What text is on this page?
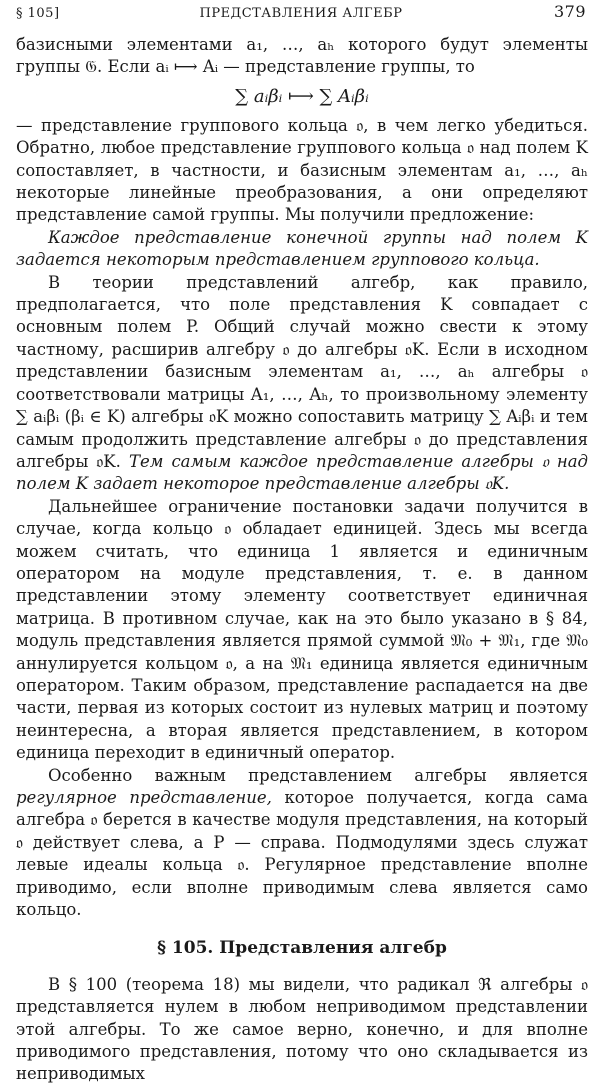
§ 105]	ПРЕДСТАВЛЕНИЯ АЛГЕБР	379

базисными элементами a₁, …, aₕ которого будут элементы группы 𝔊. Если aᵢ ⟼ Aᵢ — представление группы, то

∑ aᵢβᵢ ⟼ ∑ Aᵢβᵢ

— представление группового кольца 𝔬, в чем легко убедиться. Обратно, любое представление группового кольца 𝔬 над полем K сопоставляет, в частности, и базисным элементам a₁, …, aₕ некоторые линейные преобразования, а они определяют представление самой группы. Мы получили предложение:

Каждое представление конечной группы над полем K задается некоторым представлением группового кольца.

В теории представлений алгебр, как правило, предполагается, что поле представления K совпадает с основным полем P. Общий случай можно свести к этому частному, расширив алгебру 𝔬 до алгебры 𝔬K. Если в исходном представлении базисным элементам a₁, …, aₕ алгебры 𝔬 соответствовали матрицы A₁, …, Aₕ, то произвольному элементу ∑ aᵢβᵢ (βᵢ ∈ K) алгебры 𝔬K можно сопоставить матрицу ∑ Aᵢβᵢ и тем самым продолжить представление алгебры 𝔬 до представления алгебры 𝔬K. Тем самым каждое представление алгебры 𝔬 над полем K задает некоторое представление алгебры 𝔬K.

Дальнейшее ограничение постановки задачи получится в случае, когда кольцо 𝔬 обладает единицей. Здесь мы всегда можем считать, что единица 1 является и единичным оператором на модуле представления, т. е. в данном представлении этому элементу соответствует единичная матрица. В противном случае, как на это было указано в § 84, модуль представления является прямой суммой 𝔐₀ + 𝔐₁, где 𝔐₀ аннулируется кольцом 𝔬, а на 𝔐₁ единица является единичным оператором. Таким образом, представление распадается на две части, первая из которых состоит из нулевых матриц и поэтому неинтересна, а вторая является представлением, в котором единица переходит в единичный оператор.

Особенно важным представлением алгебры является регулярное представление, которое получается, когда сама алгебра 𝔬 берется в качестве модуля представления, на который 𝔬 действует слева, а P — справа. Подмодулями здесь служат левые идеалы кольца 𝔬. Регулярное представление вполне приводимо, если вполне приводимым слева является само кольцо.

§ 105. Представления алгебр

В § 100 (теорема 18) мы видели, что радикал ℜ алгебры 𝔬 представляется нулем в любом неприводимом представлении этой алгебры. То же самое верно, конечно, и для вполне приводимого представления, потому что оно складывается из неприводимых
